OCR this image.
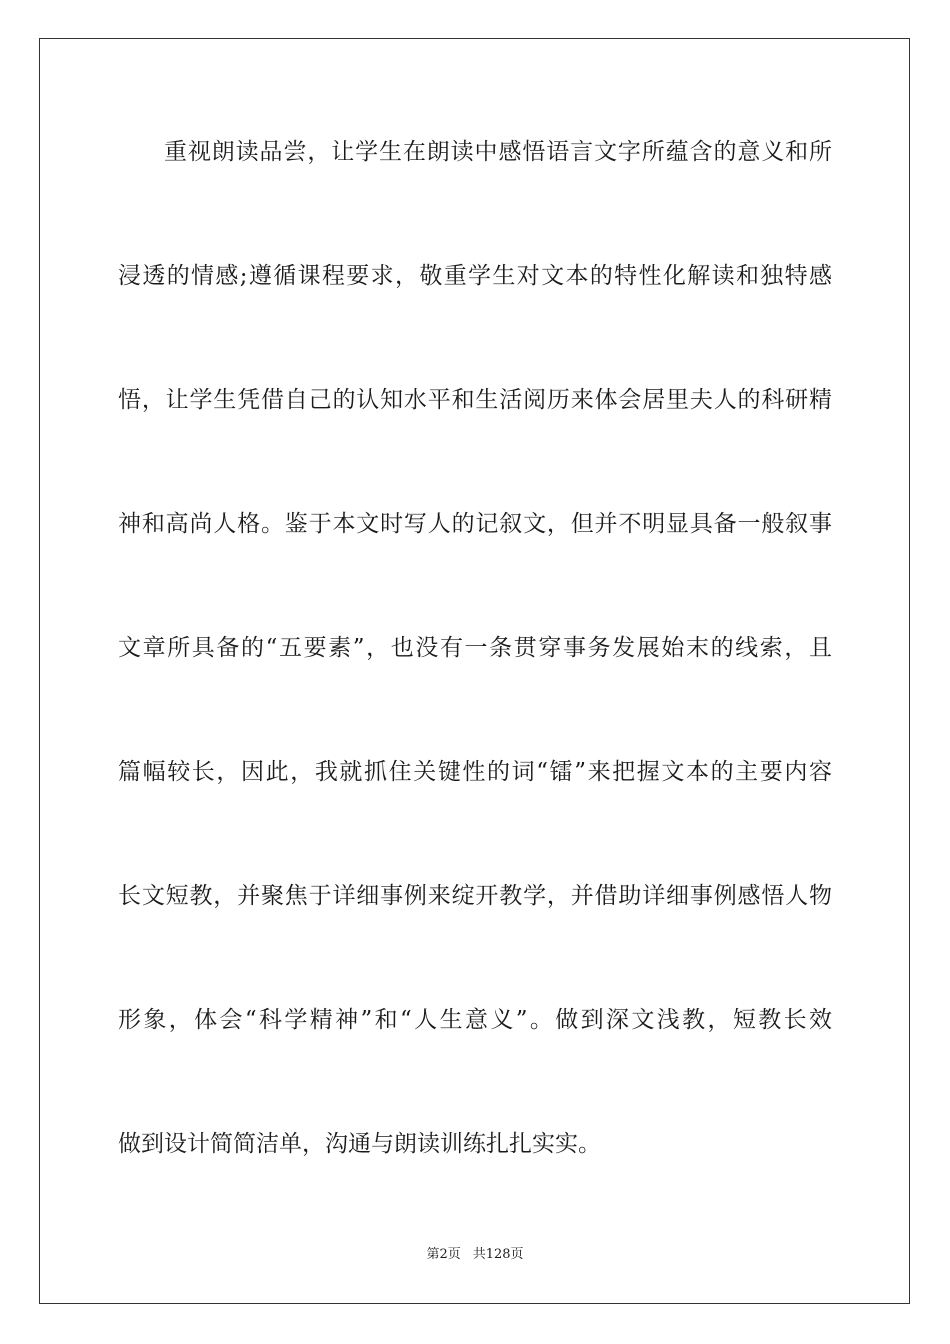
重视朗读品尝，让学生在朗读中感悟语言文字所蕴含的意义和所
浸透的情感;遵循课程要求，敬重学生对文本的特性化解读和独特感
悟，让学生凭借自己的认知水平和生活阅历来体会居里夫人的科研精
神和高尚人格。鉴于本文时写人的记叙文，但并不明显具备一般叙事
文章所具备的“五要素”，也没有一条贯穿事务发展始末的线索，且
篇幅较长，因此，我就抓住关键性的词“镭”来把握文本的主要内容
长文短教，并聚焦于详细事例来绽开教学，并借助详细事例感悟人物
形象，体会“科学精神”和“人生意义”。做到深文浅教，短教长效
做到设计简简洁单，沟通与朗读训练扎扎实实。
第2页 共128页
